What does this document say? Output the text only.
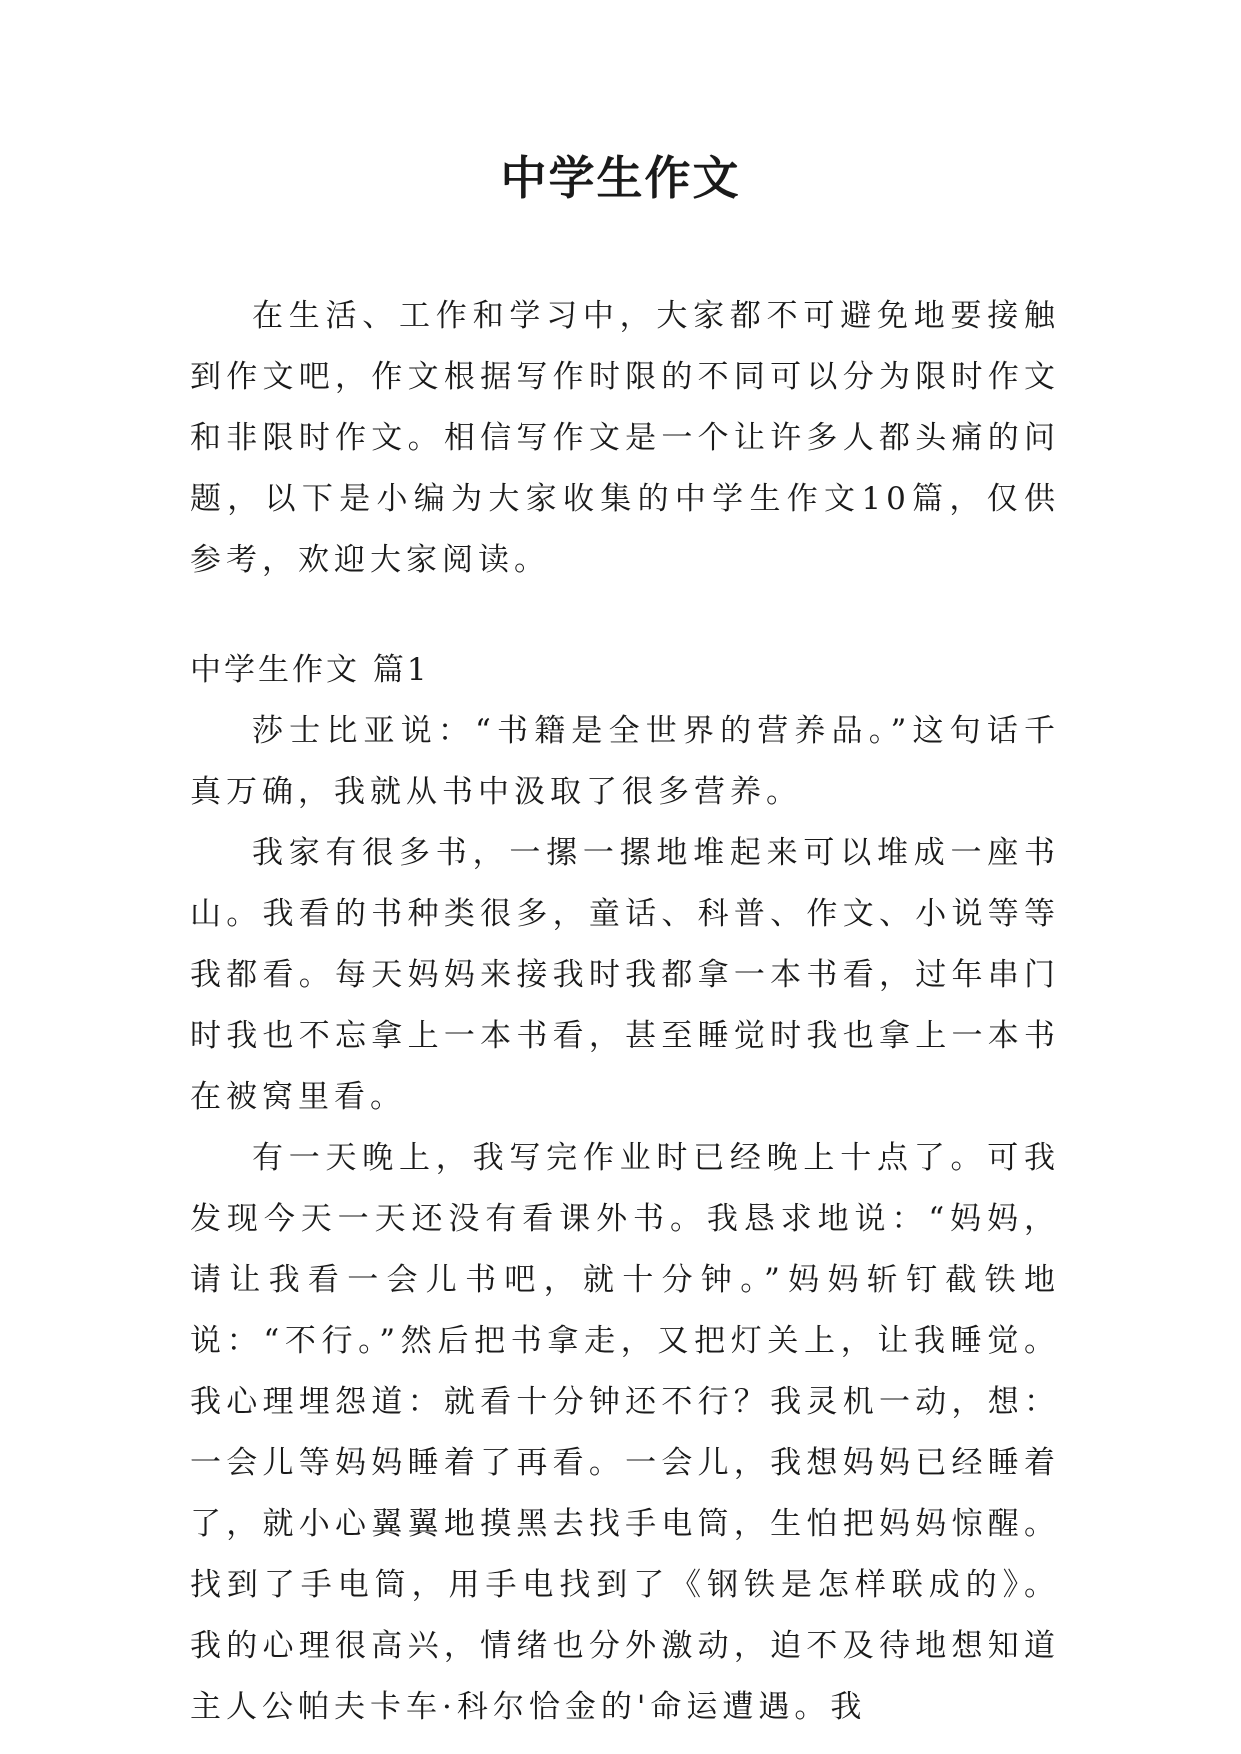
中学生作文

在生活、工作和学习中，大家都不可避免地要接触到作文吧，作文根据写作时限的不同可以分为限时作文和非限时作文。相信写作文是一个让许多人都头痛的问题，以下是小编为大家收集的中学生作文10篇，仅供参考，欢迎大家阅读。

中学生作文 篇1

莎士比亚说：“书籍是全世界的营养品。”这句话千真万确，我就从书中汲取了很多营养。

我家有很多书，一摞一摞地堆起来可以堆成一座书山。我看的书种类很多，童话、科普、作文、小说等等我都看。每天妈妈来接我时我都拿一本书看，过年串门时我也不忘拿上一本书看，甚至睡觉时我也拿上一本书在被窝里看。

有一天晚上，我写完作业时已经晚上十点了。可我发现今天一天还没有看课外书。我恳求地说：“妈妈，请让我看一会儿书吧，就十分钟。”妈妈斩钉截铁地说：“不行。”然后把书拿走，又把灯关上，让我睡觉。我心理埋怨道：就看十分钟还不行？我灵机一动，想：一会儿等妈妈睡着了再看。一会儿，我想妈妈已经睡着了，就小心翼翼地摸黑去找手电筒，生怕把妈妈惊醒。找到了手电筒，用手电找到了《钢铁是怎样联成的》。我的心理很高兴，情绪也分外激动，迫不及待地想知道主人公帕夫卡车·科尔恰金的'命运遭遇。我
